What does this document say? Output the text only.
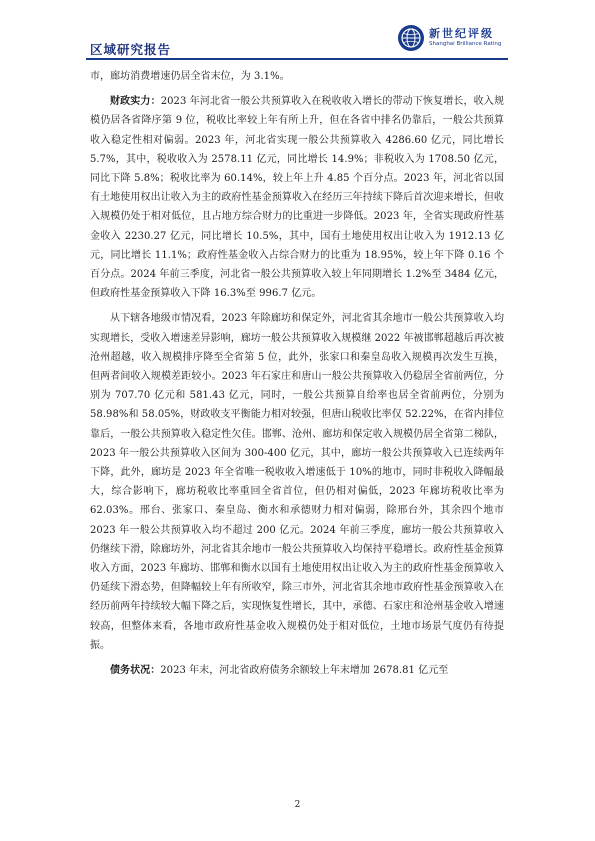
区域研究报告
新世纪评级
Shanghai Brilliance Rating

市，廊坊消费增速仍居全省末位，为 3.1%。

财政实力：2023 年河北省一般公共预算收入在税收收入增长的带动下恢复增长，收入规模仍居各省降序第 9 位，税收比率较上年有所上升，但在各省中排名仍靠后，一般公共预算收入稳定性相对偏弱。2023 年，河北省实现一般公共预算收入 4286.60 亿元，同比增长 5.7%，其中，税收收入为 2578.11 亿元，同比增长 14.9%；非税收入为 1708.50 亿元，同比下降 5.8%；税收比率为 60.14%，较上年上升 4.85 个百分点。2023 年，河北省以国有土地使用权出让收入为主的政府性基金预算收入在经历三年持续下降后首次迎来增长，但收入规模仍处于相对低位，且占地方综合财力的比重进一步降低。2023 年，全省实现政府性基金收入 2230.27 亿元，同比增长 10.5%，其中，国有土地使用权出让收入为 1912.13 亿元，同比增长 11.1%；政府性基金收入占综合财力的比重为 18.95%，较上年下降 0.16 个百分点。2024 年前三季度，河北省一般公共预算收入较上年同期增长 1.2%至 3484 亿元，但政府性基金预算收入下降 16.3%至 996.7 亿元。

从下辖各地级市情况看，2023 年除廊坊和保定外，河北省其余地市一般公共预算收入均实现增长，受收入增速差异影响，廊坊一般公共预算收入规模继 2022 年被邯郸超越后再次被沧州超越，收入规模排序降至全省第 5 位，此外，张家口和秦皇岛收入规模再次发生互换，但两者间收入规模差距较小。2023 年石家庄和唐山一般公共预算收入仍稳居全省前两位，分别为 707.70 亿元和 581.43 亿元，同时，一般公共预算自给率也居全省前两位，分别为 58.98%和 58.05%，财政收支平衡能力相对较强，但唐山税收比率仅 52.22%，在省内排位靠后，一般公共预算收入稳定性欠佳。邯郸、沧州、廊坊和保定收入规模仍居全省第二梯队，2023 年一般公共预算收入区间为 300-400 亿元，其中，廊坊一般公共预算收入已连续两年下降，此外，廊坊是 2023 年全省唯一税收收入增速低于 10%的地市，同时非税收入降幅最大，综合影响下，廊坊税收比率重回全省首位，但仍相对偏低，2023 年廊坊税收比率为 62.03%。邢台、张家口、秦皇岛、衡水和承德财力相对偏弱，除邢台外，其余四个地市 2023 年一般公共预算收入均不超过 200 亿元。2024 年前三季度，廊坊一般公共预算收入仍继续下滑，除廊坊外，河北省其余地市一般公共预算收入均保持平稳增长。政府性基金预算收入方面，2023 年廊坊、邯郸和衡水以国有土地使用权出让收入为主的政府性基金预算收入仍延续下滑态势，但降幅较上年有所收窄，除三市外，河北省其余地市政府性基金预算收入在经历前两年持续较大幅下降之后，实现恢复性增长，其中，承德、石家庄和沧州基金收入增速较高，但整体来看，各地市政府性基金收入规模仍处于相对低位，土地市场景气度仍有待提振。

债务状况：2023 年末，河北省政府债务余额较上年末增加 2678.81 亿元至

2
